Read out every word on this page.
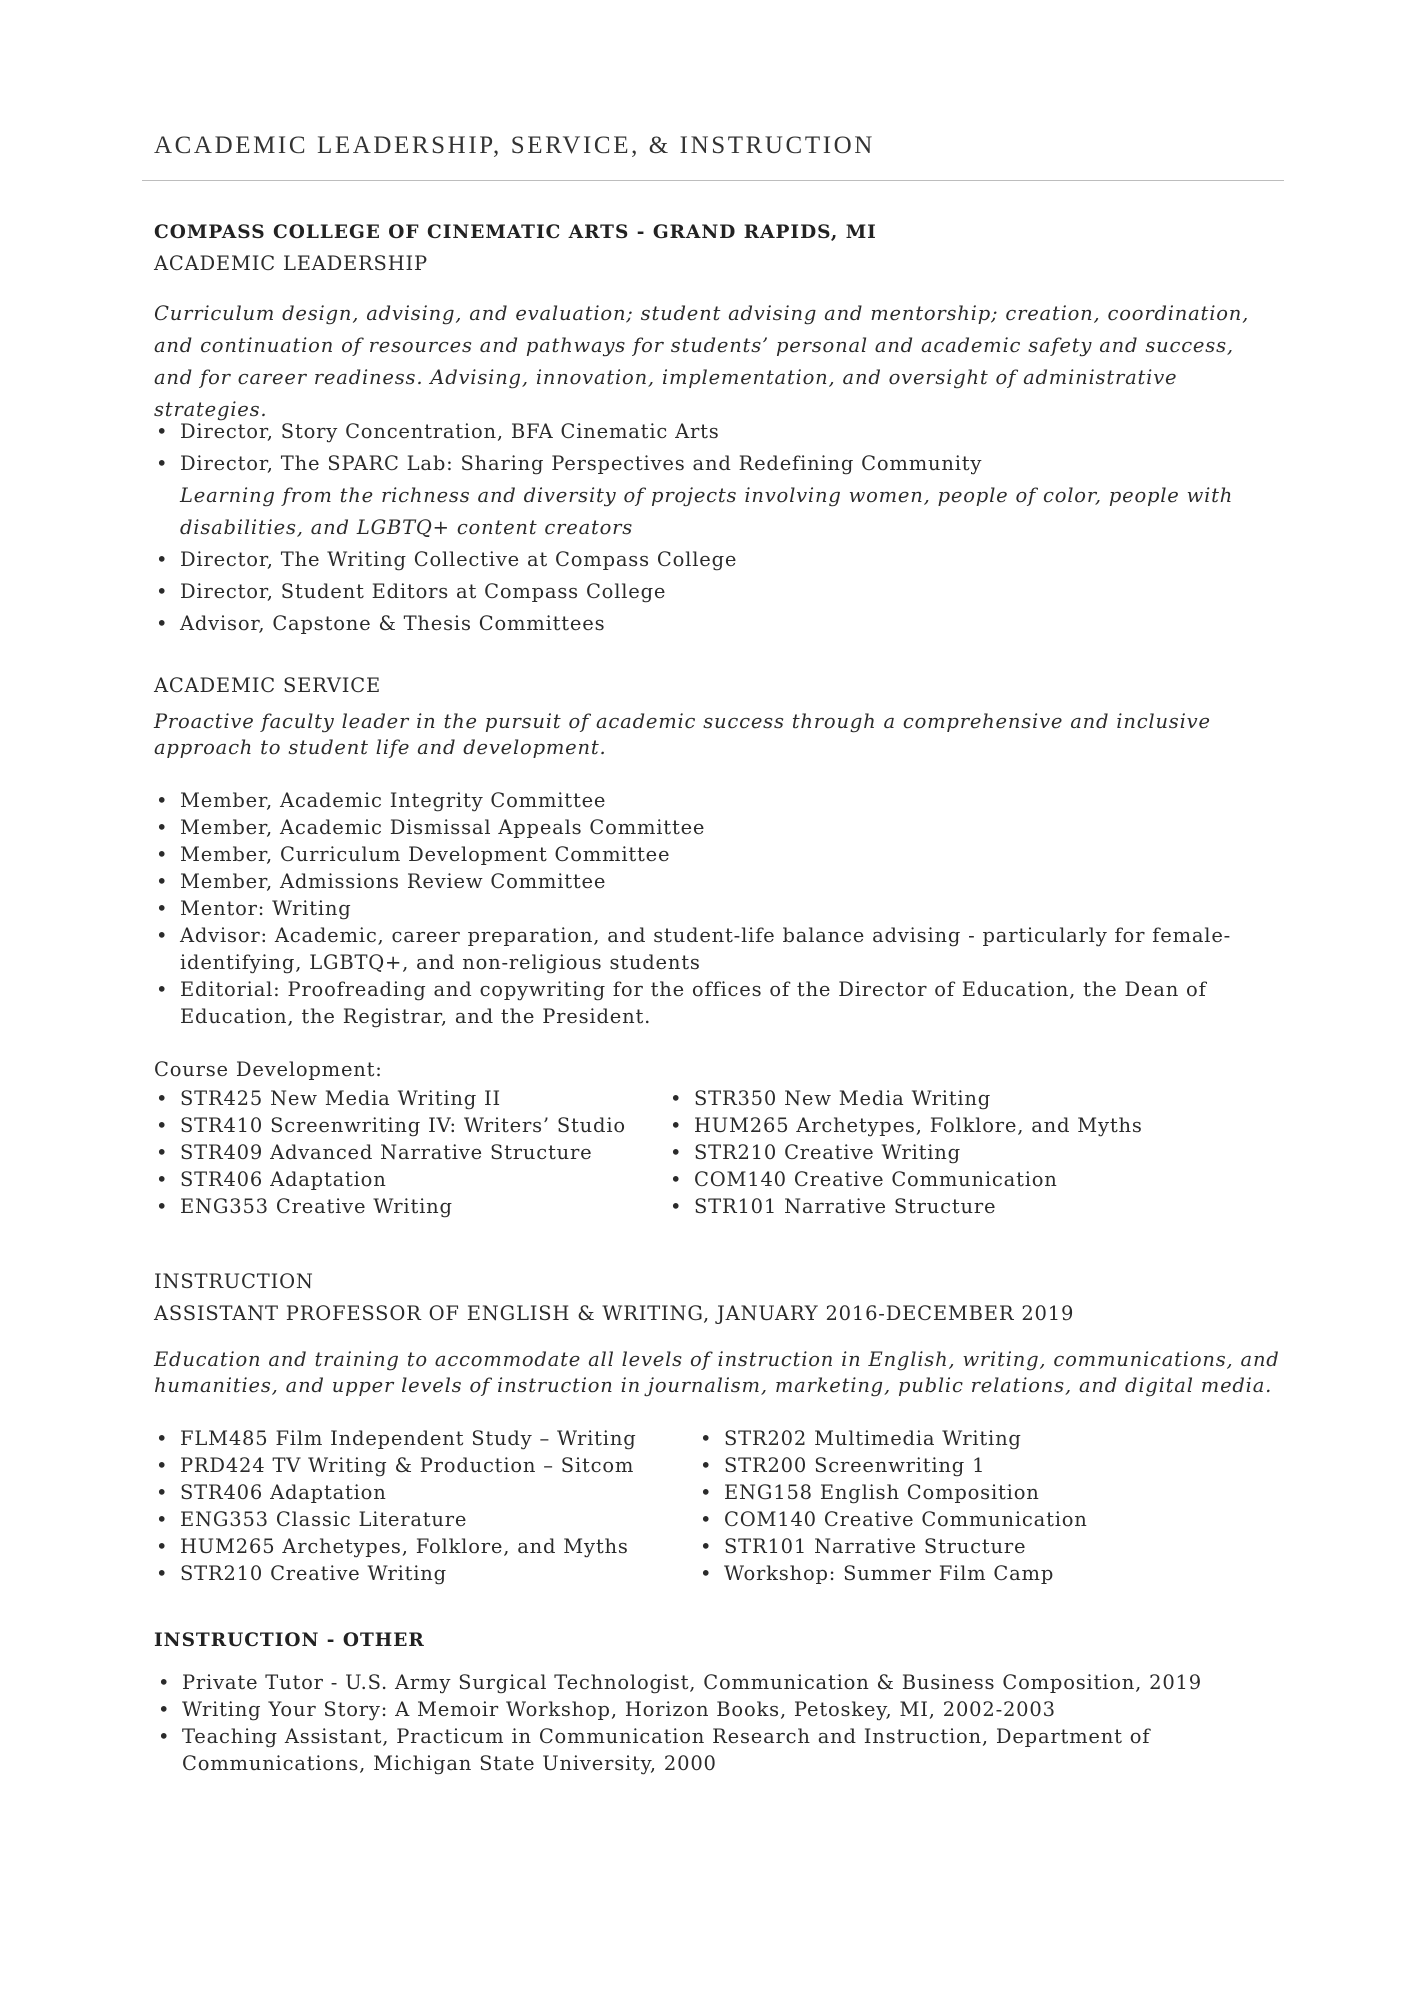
ACADEMIC LEADERSHIP, SERVICE, & INSTRUCTION
COMPASS COLLEGE OF CINEMATIC ARTS - GRAND RAPIDS, MI
ACADEMIC LEADERSHIP
Curriculum design, advising, and evaluation; student advising and mentorship; creation, coordination, and continuation of resources and pathways for students’ personal and academic safety and success, and for career readiness. Advising, innovation, implementation, and oversight of administrative strategies.
• Director, Story Concentration, BFA Cinematic Arts
• Director, The SPARC Lab: Sharing Perspectives and Redefining Community
Learning from the richness and diversity of projects involving women, people of color, people with disabilities, and LGBTQ+ content creators
• Director, The Writing Collective at Compass College
• Director, Student Editors at Compass College
• Advisor, Capstone & Thesis Committees
ACADEMIC SERVICE
Proactive faculty leader in the pursuit of academic success through a comprehensive and inclusive approach to student life and development.
• Member, Academic Integrity Committee
• Member, Academic Dismissal Appeals Committee
• Member, Curriculum Development Committee
• Member, Admissions Review Committee
• Mentor: Writing
• Advisor: Academic, career preparation, and student-life balance advising - particularly for female-identifying, LGBTQ+, and non-religious students
• Editorial: Proofreading and copywriting for the offices of the Director of Education, the Dean of Education, the Registrar, and the President.
Course Development:
• STR425 New Media Writing II
• STR410 Screenwriting IV: Writers’ Studio
• STR409 Advanced Narrative Structure
• STR406 Adaptation
• ENG353 Creative Writing
• STR350 New Media Writing
• HUM265 Archetypes, Folklore, and Myths
• STR210 Creative Writing
• COM140 Creative Communication
• STR101 Narrative Structure
INSTRUCTION
ASSISTANT PROFESSOR OF ENGLISH & WRITING, JANUARY 2016-DECEMBER 2019
Education and training to accommodate all levels of instruction in English, writing, communications, and humanities, and upper levels of instruction in journalism, marketing, public relations, and digital media.
• FLM485 Film Independent Study – Writing
• PRD424 TV Writing & Production – Sitcom
• STR406 Adaptation
• ENG353 Classic Literature
• HUM265 Archetypes, Folklore, and Myths
• STR210 Creative Writing
• STR202 Multimedia Writing
• STR200 Screenwriting 1
• ENG158 English Composition
• COM140 Creative Communication
• STR101 Narrative Structure
• Workshop: Summer Film Camp
INSTRUCTION - OTHER
• Private Tutor - U.S. Army Surgical Technologist, Communication & Business Composition, 2019
• Writing Your Story: A Memoir Workshop, Horizon Books, Petoskey, MI, 2002-2003
• Teaching Assistant, Practicum in Communication Research and Instruction, Department of Communications, Michigan State University, 2000
